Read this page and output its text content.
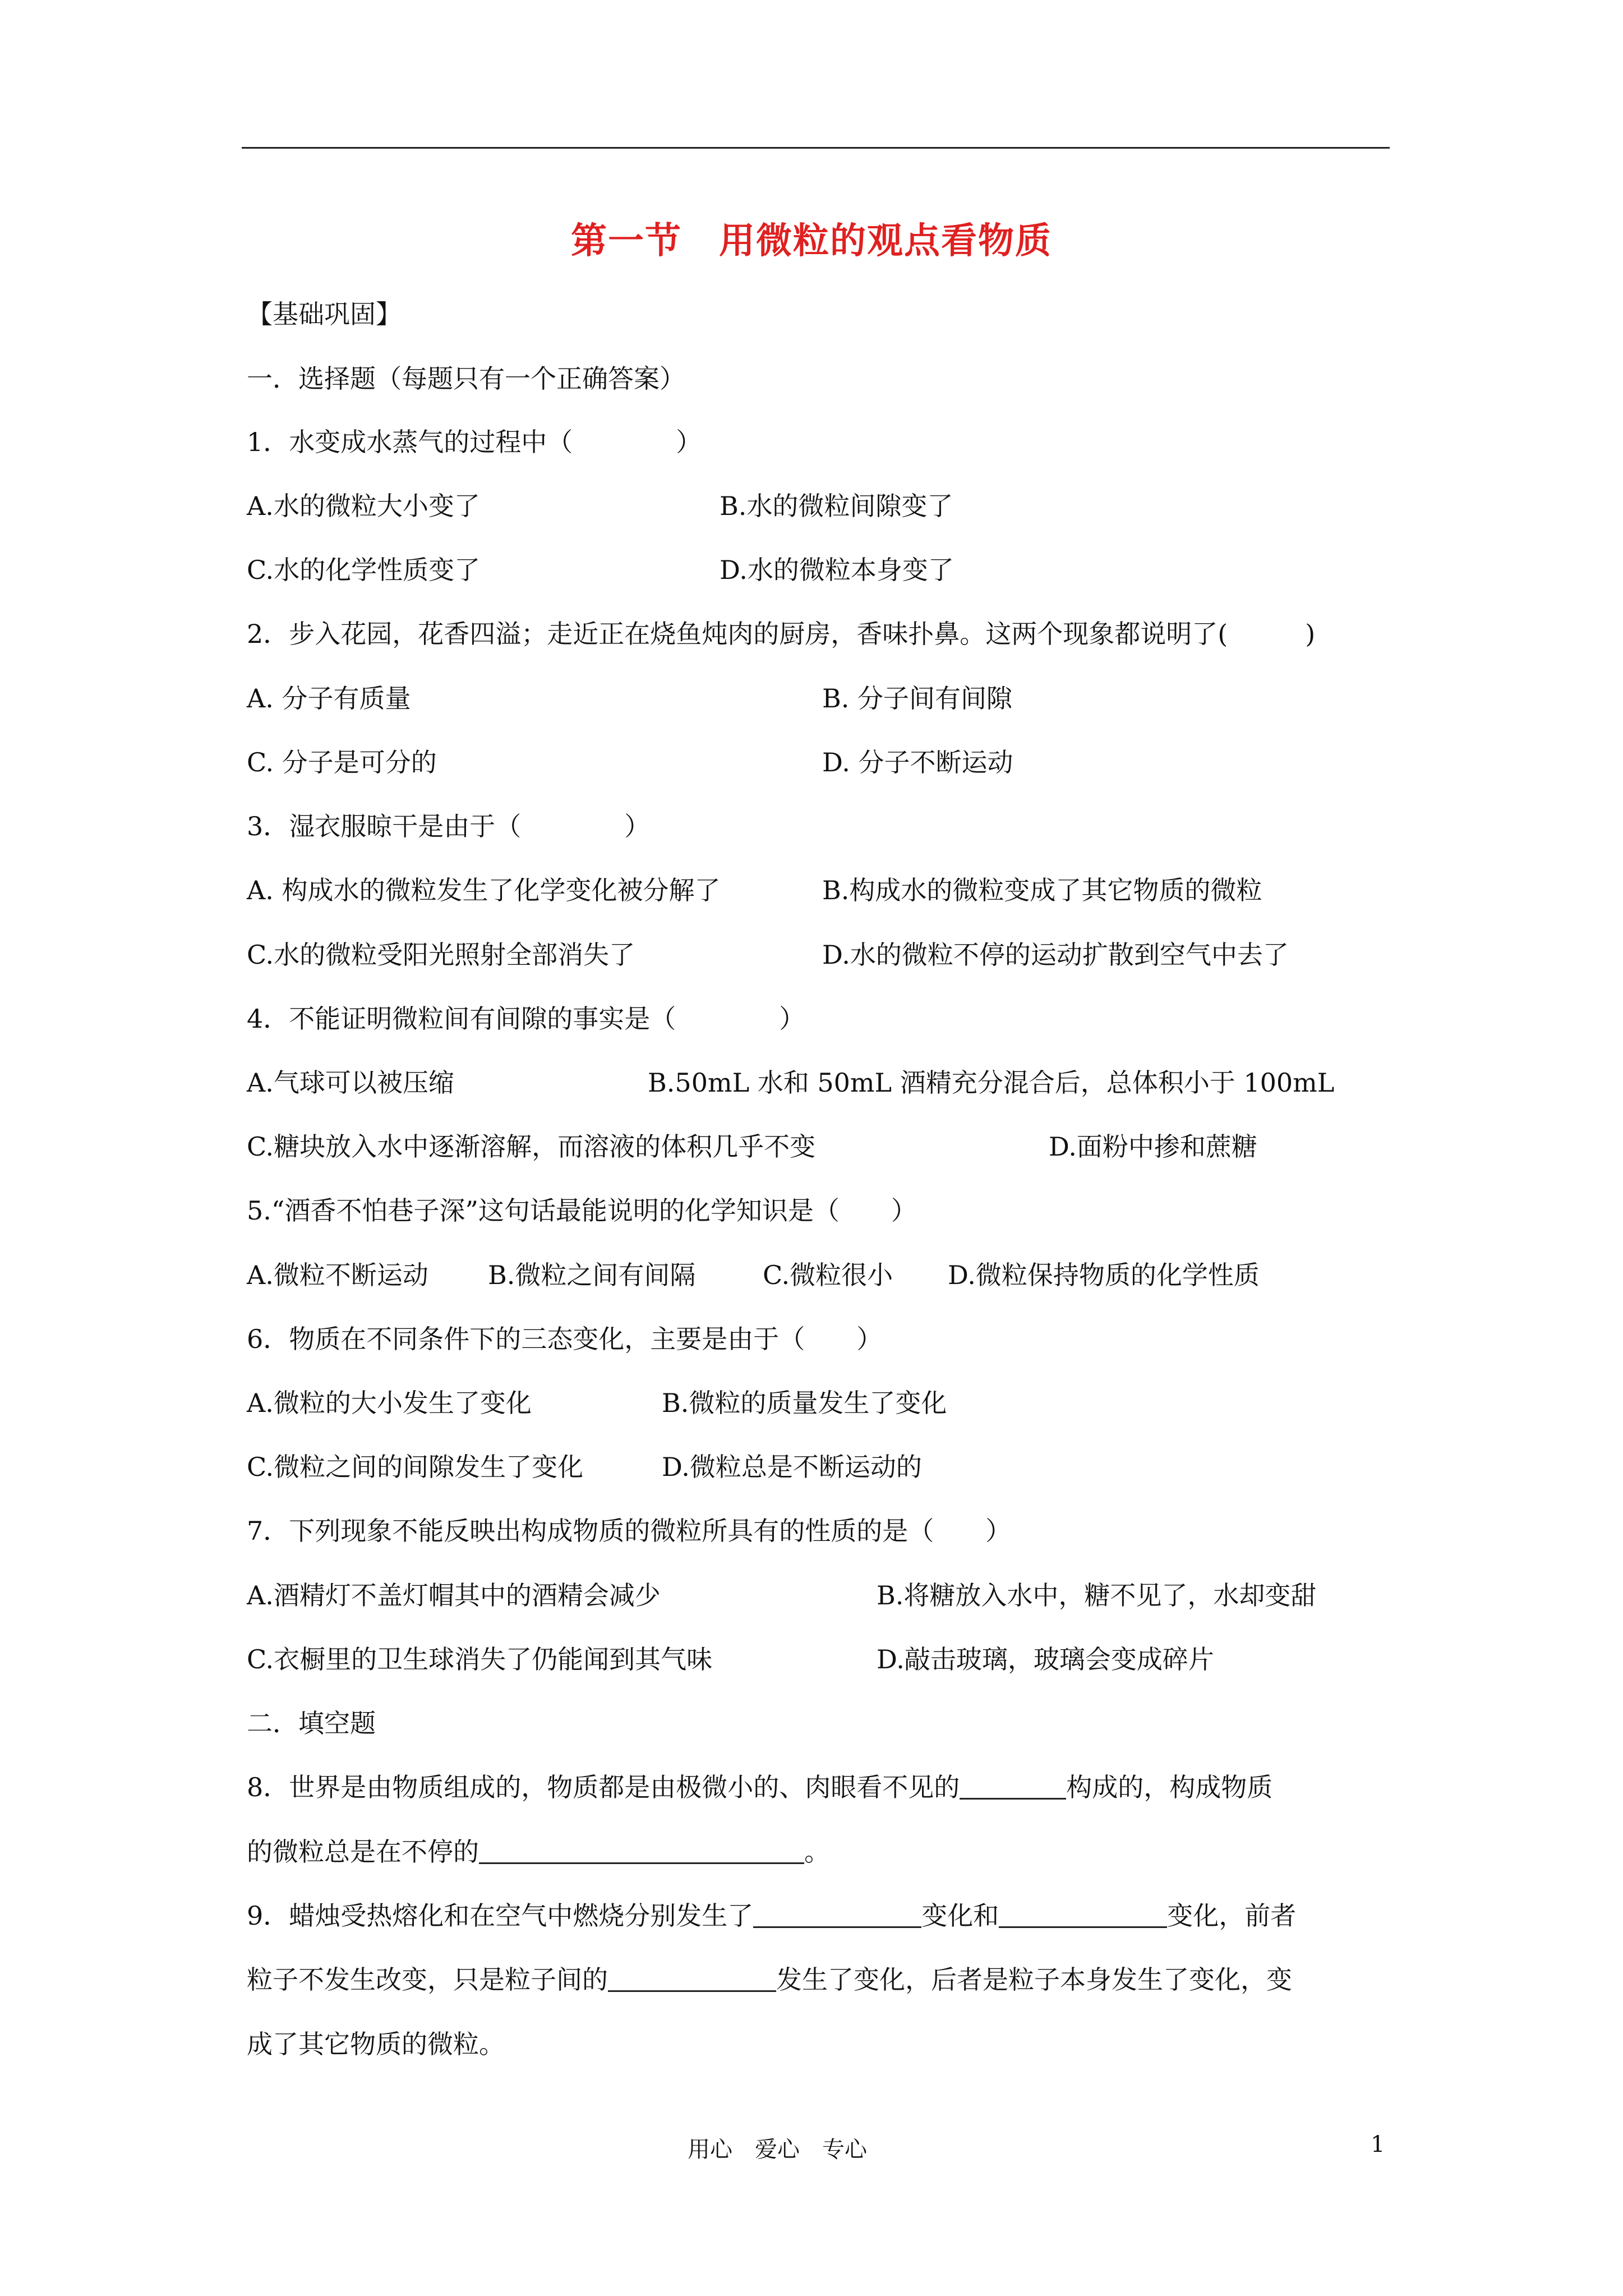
第一节　用微粒的观点看物质
【基础巩固】
一．选择题（每题只有一个正确答案）
1．水变成水蒸气的过程中（　　　　）
A.水的微粒大小变了	B.水的微粒间隙变了
C.水的化学性质变了	D.水的微粒本身变了
2．步入花园，花香四溢；走近正在烧鱼炖肉的厨房，香味扑鼻。这两个现象都说明了(　　　)
A. 分子有质量	B. 分子间有间隙
C. 分子是可分的	D. 分子不断运动
3．湿衣服晾干是由于（　　　　）
A. 构成水的微粒发生了化学变化被分解了	B.构成水的微粒变成了其它物质的微粒
C.水的微粒受阳光照射全部消失了	D.水的微粒不停的运动扩散到空气中去了
4．不能证明微粒间有间隙的事实是（　　　　）
A.气球可以被压缩	B.50mL 水和 50mL 酒精充分混合后，总体积小于 100mL
C.糖块放入水中逐渐溶解，而溶液的体积几乎不变	D.面粉中掺和蔗糖
5.“酒香不怕巷子深”这句话最能说明的化学知识是（　　）
A.微粒不断运动 B.微粒之间有间隔	C.微粒很小 D.微粒保持物质的化学性质
6．物质在不同条件下的三态变化，主要是由于（　　）
A.微粒的大小发生了变化	B.微粒的质量发生了变化
C.微粒之间的间隙发生了变化	D.微粒总是不断运动的
7．下列现象不能反映出构成物质的微粒所具有的性质的是（　　）
A.酒精灯不盖灯帽其中的酒精会减少	B.将糖放入水中，糖不见了，水却变甜
C.衣橱里的卫生球消失了仍能闻到其气味	D.敲击玻璃，玻璃会变成碎片
二．填空题
8．世界是由物质组成的，物质都是由极微小的、肉眼看不见的	构成的，构成物质
的微粒总是在不停的	。
9．蜡烛受热熔化和在空气中燃烧分别发生了	变化和	变化，前者
粒子不发生改变，只是粒子间的	发生了变化，后者是粒子本身发生了变化，变
成了其它物质的微粒。
用心　爱心　专心	1
